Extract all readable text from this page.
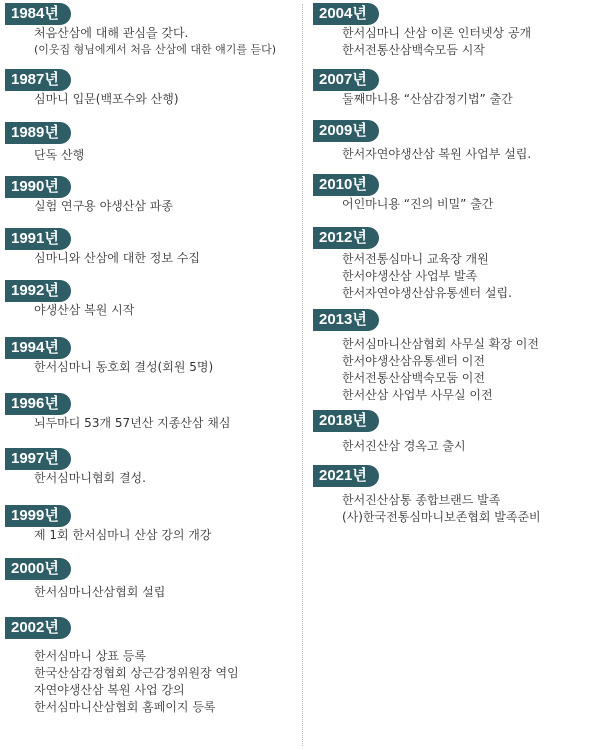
1984년
처음산삼에 대해 관심을 갖다.
(이웃집 형님에게서 처음 산삼에 대한 얘기를 듣다)
1987년
심마니 입문(백포수와 산행)
1989년
단독 산행
1990년
실험 연구용 야생산삼 파종
1991년
심마니와 산삼에 대한 정보 수집
1992년
야생산삼 복원 시작
1994년
한서심마니 동호회 결성(회원 5명)
1996년
뇌두마디 53개 57년산 지종산삼 채심
1997년
한서심마니협회 결성.
1999년
제 1회 한서심마니 산삼 강의 개강
2000년
한서심마니산삼협회 설립
2002년
한서심마니 상표 등록
한국산삼감정협회 상근감정위원장 역임
자연야생산삼 복원 사업 강의
한서심마니산삼협회 홈페이지 등록
2004년
한서심마니 산삼 이론 인터넷상 공개
한서전통산삼백숙모듬 시작
2007년
둘째마니용 “산삼감정기법” 출간
2009년
한서자연야생산삼 복원 사업부 설립.
2010년
어인마니용 “진의 비밀” 출간
2012년
한서전통심마니 교육장 개원
한서야생산삼 사업부 발족
한서자연야생산삼유통센터 설립.
2013년
한서심마니산삼협회 사무실 확장 이전
한서야생산삼유통센터 이전
한서전통산삼백숙모둠 이전
한서산삼 사업부 사무실 이전
2018년
한서진산삼 경옥고 출시
2021년
한서진산삼통 종합브랜드 발족
(사)한국전통심마니보존협회 발족준비
